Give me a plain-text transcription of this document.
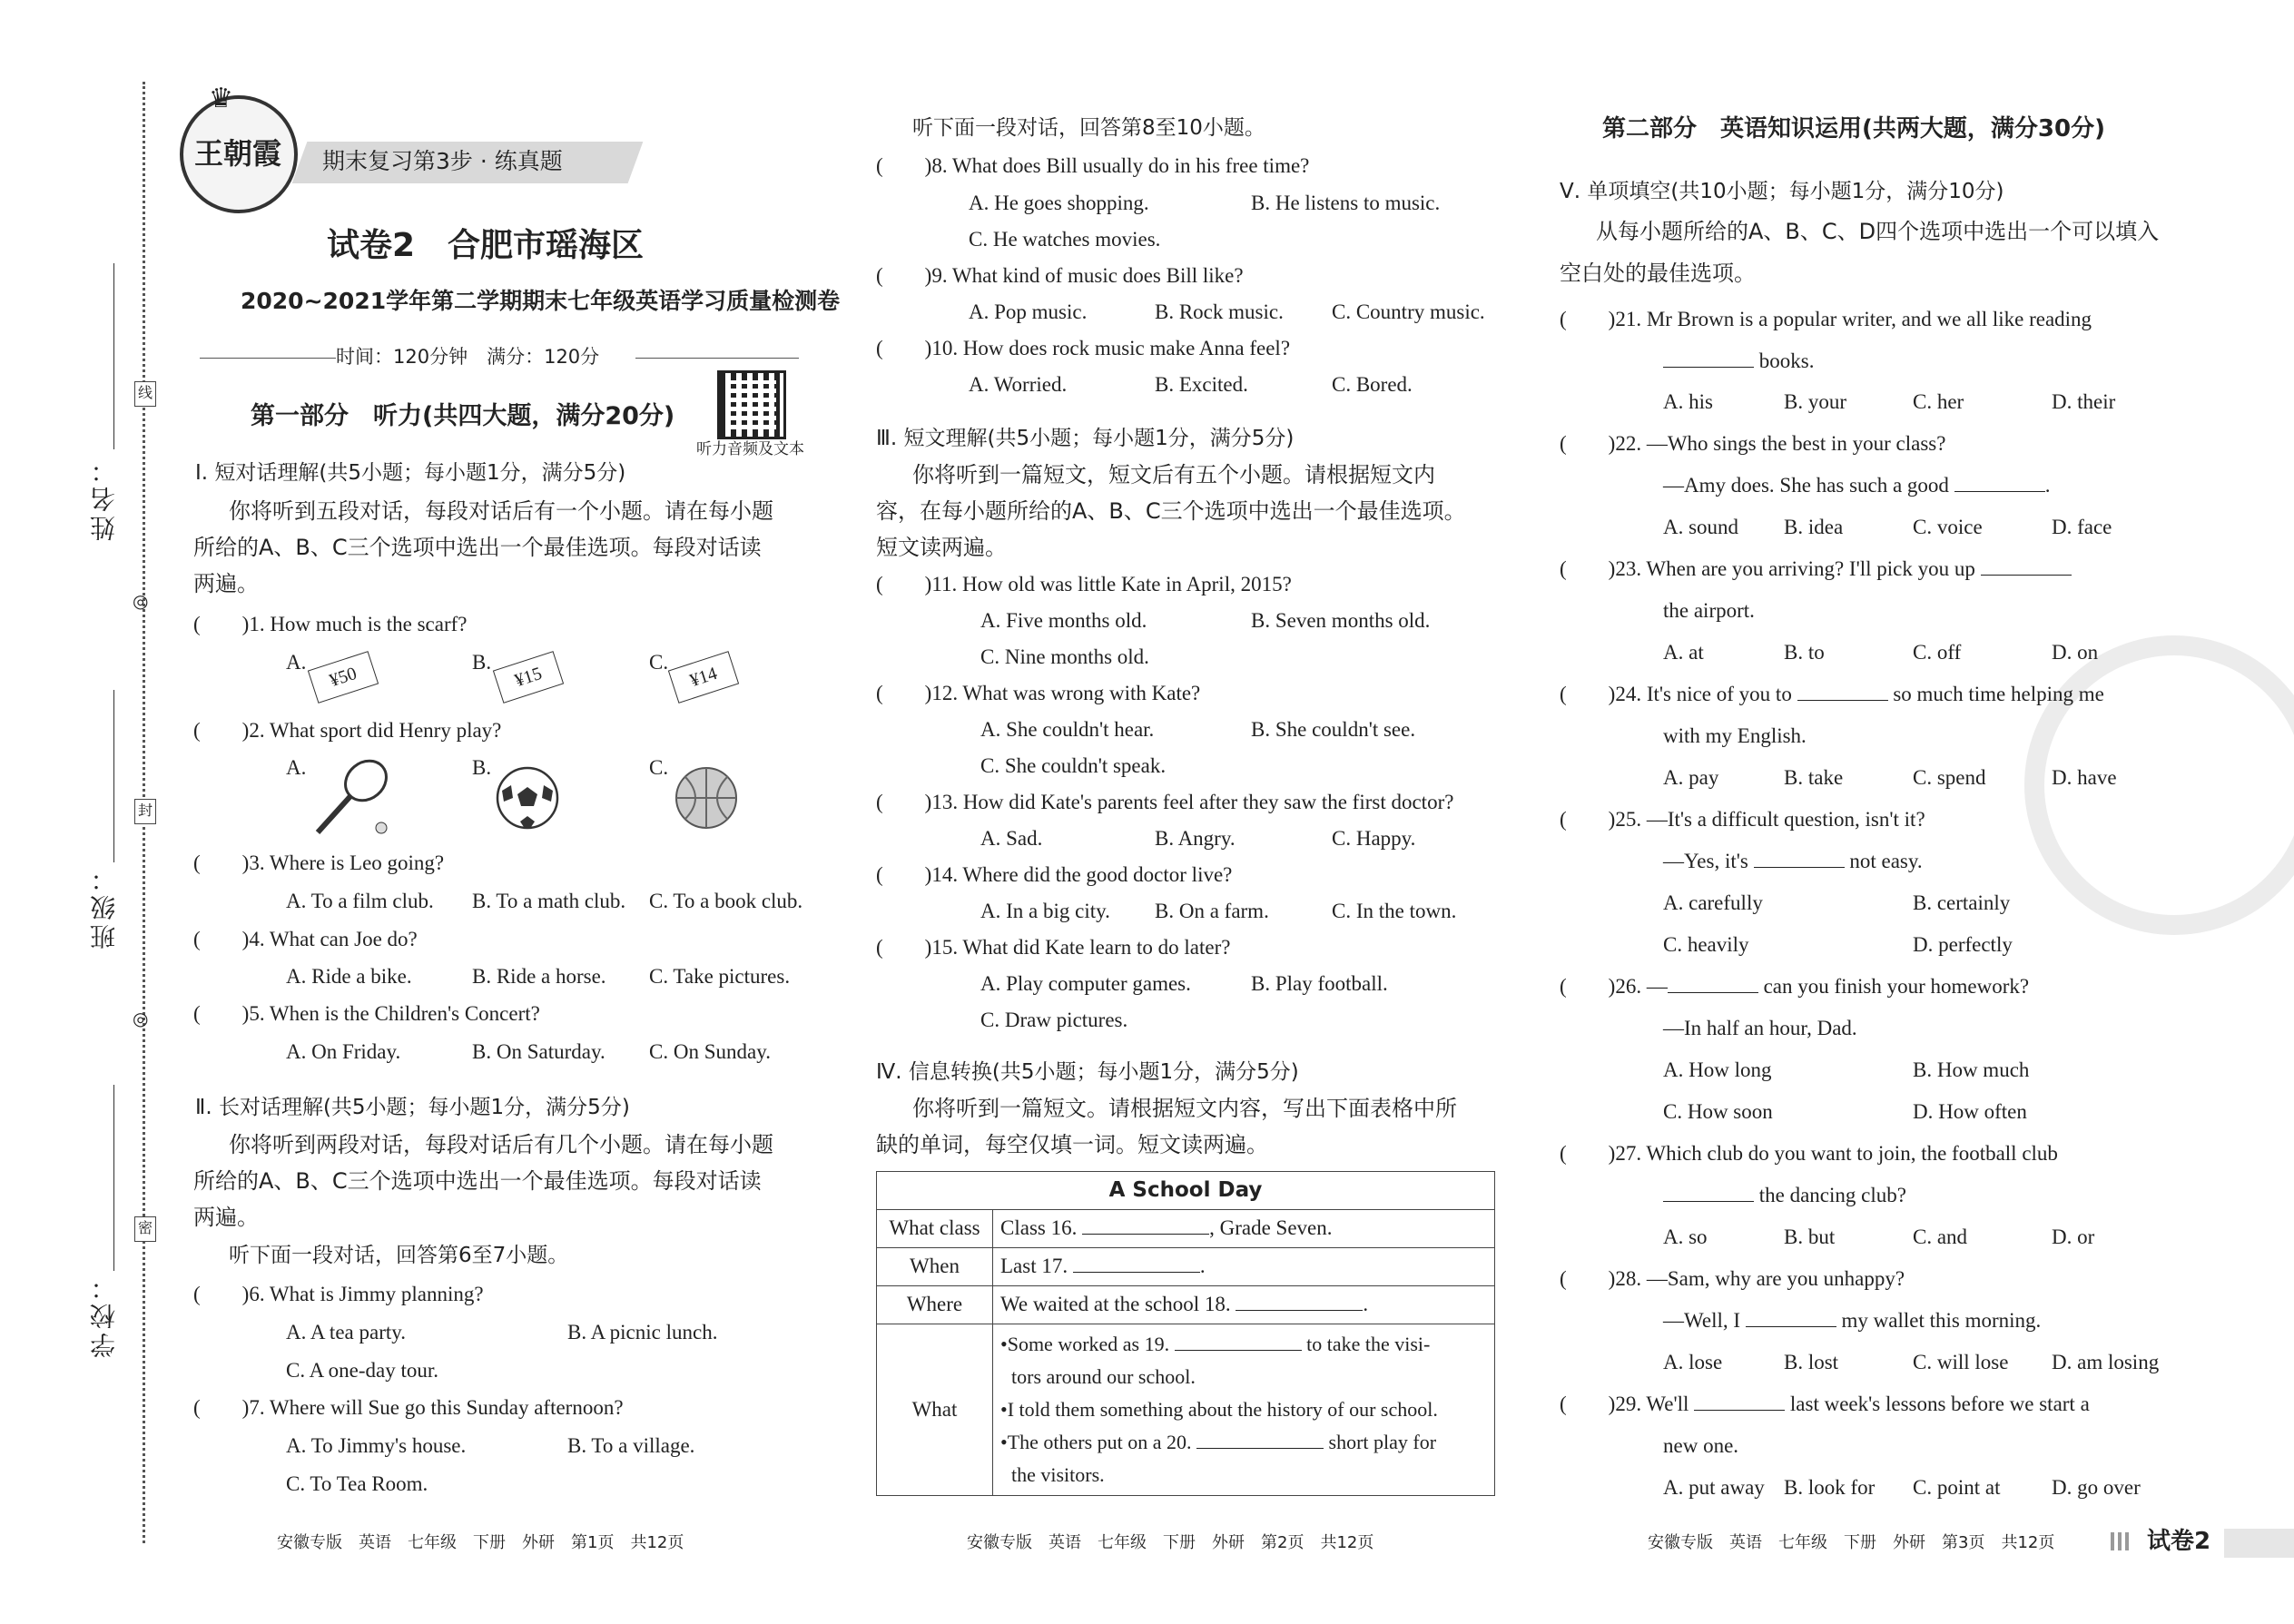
线
封
密
◎
◎
姓名：
班级：
学校：
王朝霞
♛
期末复习第3步 · 练真题
试卷2　合肥市瑶海区
2020~2021学年第二学期期末七年级英语学习质量检测卷
时间：120分钟　满分：120分
听力音频及文本
第一部分　听力(共四大题，满分20分)
Ⅰ. 短对话理解(共5小题；每小题1分，满分5分)
你将听到五段对话，每段对话后有一个小题。请在每小题
所给的A、B、C三个选项中选出一个最佳选项。每段对话读
两遍。
(　　)1. How much is the scarf?
A.
¥50
B.
¥15
C.
¥14
(　　)2. What sport did Henry play?
A.	B.	C.
(　　)3. Where is Leo going?
A. To a film club. B. To a math club. C. To a book club.
(　　)4. What can Joe do?
A. Ride a bike.	B. Ride a horse. C. Take pictures.
(　　)5. When is the Children's Concert?
A. On Friday.	B. On Saturday. C. On Sunday.
Ⅱ. 长对话理解(共5小题；每小题1分，满分5分)
你将听到两段对话，每段对话后有几个小题。请在每小题
所给的A、B、C三个选项中选出一个最佳选项。每段对话读
两遍。
听下面一段对话，回答第6至7小题。
(　　)6. What is Jimmy planning?
A. A tea party.	B. A picnic lunch.
C. A one-day tour.
(　　)7. Where will Sue go this Sunday afternoon?
A. To Jimmy's house.	B. To a village.
C. To Tea Room.
安徽专版　英语　七年级　下册　外研　第1页　共12页
听下面一段对话，回答第8至10小题。
(　　)8. What does Bill usually do in his free time?
A. He goes shopping.	B. He listens to music.
C. He watches movies.
(　　)9. What kind of music does Bill like?
A. Pop music.	B. Rock music. C. Country music.
(　　)10. How does rock music make Anna feel?
A. Worried.	B. Excited.	C. Bored.
Ⅲ. 短文理解(共5小题；每小题1分，满分5分)
你将听到一篇短文，短文后有五个小题。请根据短文内
容，在每小题所给的A、B、C三个选项中选出一个最佳选项。
短文读两遍。
(　　)11. How old was little Kate in April, 2015?
A. Five months old.	B. Seven months old.
C. Nine months old.
(　　)12. What was wrong with Kate?
A. She couldn't hear.	B. She couldn't see.
C. She couldn't speak.
(　　)13. How did Kate's parents feel after they saw the first doctor?
A. Sad.	B. Angry.	C. Happy.
(　　)14. Where did the good doctor live?
A. In a big city. B. On a farm.	C. In the town.
(　　)15. What did Kate learn to do later?
A. Play computer games.	B. Play football.
C. Draw pictures.
Ⅳ. 信息转换(共5小题；每小题1分，满分5分)
你将听到一篇短文。请根据短文内容，写出下面表格中所
缺的单词，每空仅填一词。短文读两遍。
A School Day	
What class	Class 16. , Grade Seven.
When	Last 17. .
Where	We waited at the school 18. .
What	•Some worked as 19. to take the visi-
tors around our school.
•I told them something about the history of our school.
•The others put on a 20. short play for
the visitors.
安徽专版　英语　七年级　下册　外研　第2页　共12页
第二部分　英语知识运用(共两大题，满分30分)
Ⅴ. 单项填空(共10小题；每小题1分，满分10分)
从每小题所给的A、B、C、D四个选项中选出一个可以填入
空白处的最佳选项。
(　　)21. Mr Brown is a popular writer, and we all like reading
books.
A. his	B. your	C. her	D. their
(　　)22. —Who sings the best in your class?
—Amy does. She has such a good	.
A. sound B. idea	C. voice	D. face
(　　)23. When are you arriving? I'll pick you up
the airport.
A. at	B. to	C. off	D. on
(　　)24. It's nice of you to	so much time helping me
with my English.
A. pay	B. take	C. spend	D. have
(　　)25. —It's a difficult question, isn't it?
—Yes, it's	not easy.
A. carefully	B. certainly
C. heavily	D. perfectly
(　　)26. —	can you finish your homework?
—In half an hour, Dad.
A. How long	B. How much
C. How soon	D. How often
(　　)27. Which club do you want to join, the football club
the dancing club?
A. so	B. but	C. and	D. or
(　　)28. —Sam, why are you unhappy?
—Well, I	my wallet this morning.
A. lose	B. lost	C. will lose D. am losing
(　　)29. We'll	last week's lessons before we start a
new one.
A. put away B. look for C. point at D. go over
安徽专版　英语　七年级　下册　外研　第3页　共12页	试卷2
